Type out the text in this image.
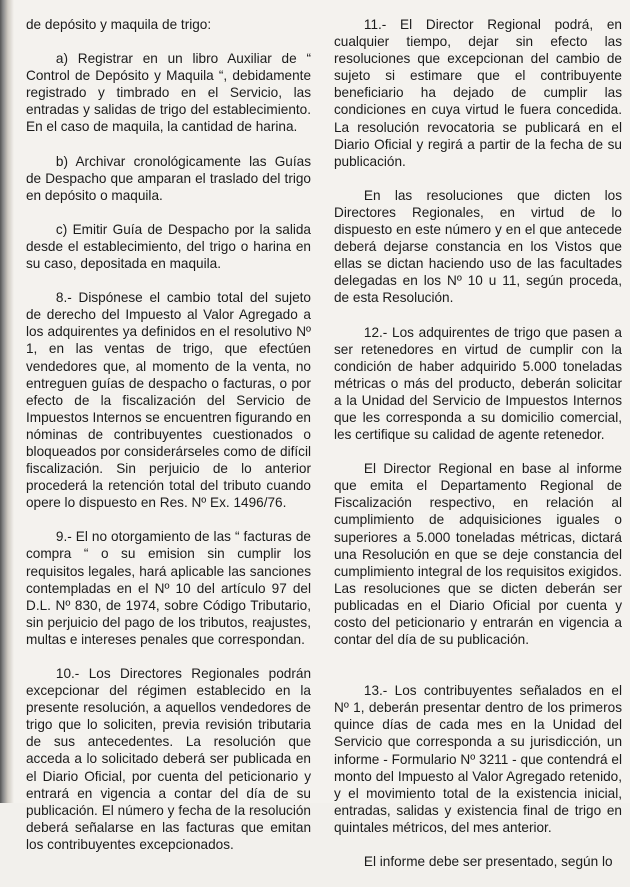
de depósito y maquila de trigo:

a) Registrar en un libro Auxiliar de “ Control de Depósito y Maquila “, debidamente registrado y timbrado en el Servicio, las entradas y salidas de trigo del establecimiento. En el caso de maquila, la cantidad de harina.

b) Archivar cronológicamente las Guías de Despacho que amparan el traslado del trigo en depósito o maquila.

c) Emitir Guía de Despacho por la salida desde el establecimiento, del trigo o harina en su caso, depositada en maquila.

8.- Dispónese el cambio total del sujeto de derecho del Impuesto al Valor Agregado a los adquirentes ya definidos en el resolutivo Nº 1, en las ventas de trigo, que efectúen vendedores que, al momento de la venta, no entreguen guías de despacho o facturas, o por efecto de la fiscalización del Servicio de Impuestos Internos se encuentren figurando en nóminas de contribuyentes cuestionados o bloqueados por considerárseles como de difícil fiscalización. Sin perjuicio de lo anterior procederá la retención total del tributo cuando opere lo dispuesto en Res. Nº Ex. 1496/76.

9.- El no otorgamiento de las “ facturas de compra “ o su emision sin cumplir los requisitos legales, hará aplicable las sanciones contempladas en el Nº 10 del artículo 97 del D.L. Nº 830, de 1974, sobre Código Tributario, sin perjuicio del pago de los tributos, reajustes, multas e intereses penales que correspondan.

10.- Los Directores Regionales podrán excepcionar del régimen establecido en la presente resolución, a aquellos vendedores de trigo que lo soliciten, previa revisión tributaria de sus antecedentes. La resolución que acceda a lo solicitado deberá ser publicada en el Diario Oficial, por cuenta del peticionario y entrará en vigencia a contar del día de su publicación. El número y fecha de la resolución deberá señalarse en las facturas que emitan los contribuyentes excepcionados.

11.- El Director Regional podrá, en cualquier tiempo, dejar sin efecto las resoluciones que excepcionan del cambio de sujeto si estimare que el contribuyente beneficiario ha dejado de cumplir las condiciones en cuya virtud le fuera concedida. La resolución revocatoria se publicará en el Diario Oficial y regirá a partir de la fecha de su publicación.

En las resoluciones que dicten los Directores Regionales, en virtud de lo dispuesto en este número y en el que antecede deberá dejarse constancia en los Vistos que ellas se dictan haciendo uso de las facultades delegadas en los Nº 10 u 11, según proceda, de esta Resolución.

12.- Los adquirentes de trigo que pasen a ser retenedores en virtud de cumplir con la condición de haber adquirido 5.000 toneladas métricas o más del producto, deberán solicitar a la Unidad del Servicio de Impuestos Internos que les corresponda a su domicilio comercial, les certifique su calidad de agente retenedor.

El Director Regional en base al informe que emita el Departamento Regional de Fiscalización respectivo, en relación al cumplimiento de adquisiciones iguales o superiores a 5.000 toneladas métricas, dictará una Resolución en que se deje constancia del cumplimiento integral de los requisitos exigidos. Las resoluciones que se dicten deberán ser publicadas en el Diario Oficial por cuenta y costo del peticionario y entrarán en vigencia a contar del día de su publicación.

13.- Los contribuyentes señalados en el Nº 1, deberán presentar dentro de los primeros quince días de cada mes en la Unidad del Servicio que corresponda a su jurisdicción, un informe - Formulario Nº 3211 - que contendrá el monto del Impuesto al Valor Agregado retenido, y el movimiento total de la existencia inicial, entradas, salidas y existencia final de trigo en quintales métricos, del mes anterior.

El informe debe ser presentado, según lo
